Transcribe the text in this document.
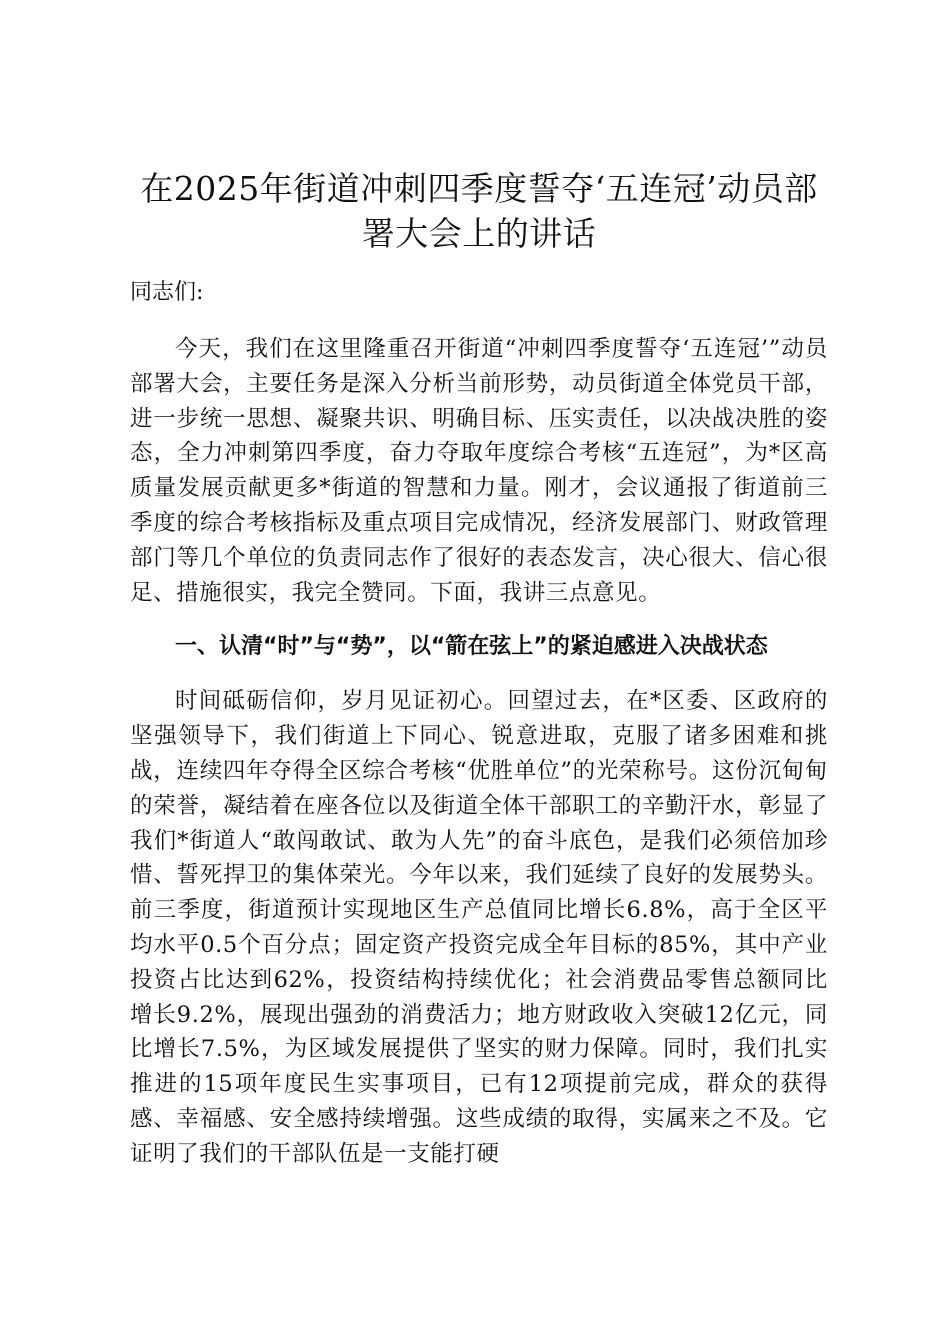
在2025年街道冲刺四季度誓夺‘五连冠’动员部署大会上的讲话

同志们:

今天，我们在这里隆重召开街道“冲刺四季度誓夺‘五连冠’”动员部署大会，主要任务是深入分析当前形势，动员街道全体党员干部，进一步统一思想、凝聚共识、明确目标、压实责任，以决战决胜的姿态，全力冲刺第四季度，奋力夺取年度综合考核“五连冠”，为*区高质量发展贡献更多*街道的智慧和力量。刚才，会议通报了街道前三季度的综合考核指标及重点项目完成情况，经济发展部门、财政管理部门等几个单位的负责同志作了很好的表态发言，决心很大、信心很足、措施很实，我完全赞同。下面，我讲三点意见。

一、认清“时”与“势”，以“箭在弦上”的紧迫感进入决战状态

时间砥砺信仰，岁月见证初心。回望过去，在*区委、区政府的坚强领导下，我们街道上下同心、锐意进取，克服了诸多困难和挑战，连续四年夺得全区综合考核“优胜单位”的光荣称号。这份沉甸甸的荣誉，凝结着在座各位以及街道全体干部职工的辛勤汗水，彰显了我们*街道人“敢闯敢试、敢为人先”的奋斗底色，是我们必须倍加珍惜、誓死捍卫的集体荣光。今年以来，我们延续了良好的发展势头。前三季度，街道预计实现地区生产总值同比增长6.8%，高于全区平均水平0.5个百分点；固定资产投资完成全年目标的85%，其中产业投资占比达到62%，投资结构持续优化；社会消费品零售总额同比增长9.2%，展现出强劲的消费活力；地方财政收入突破12亿元，同比增长7.5%，为区域发展提供了坚实的财力保障。同时，我们扎实推进的15项年度民生实事项目，已有12项提前完成，群众的获得感、幸福感、安全感持续增强。这些成绩的取得，实属来之不及。它证明了我们的干部队伍是一支能打硬
